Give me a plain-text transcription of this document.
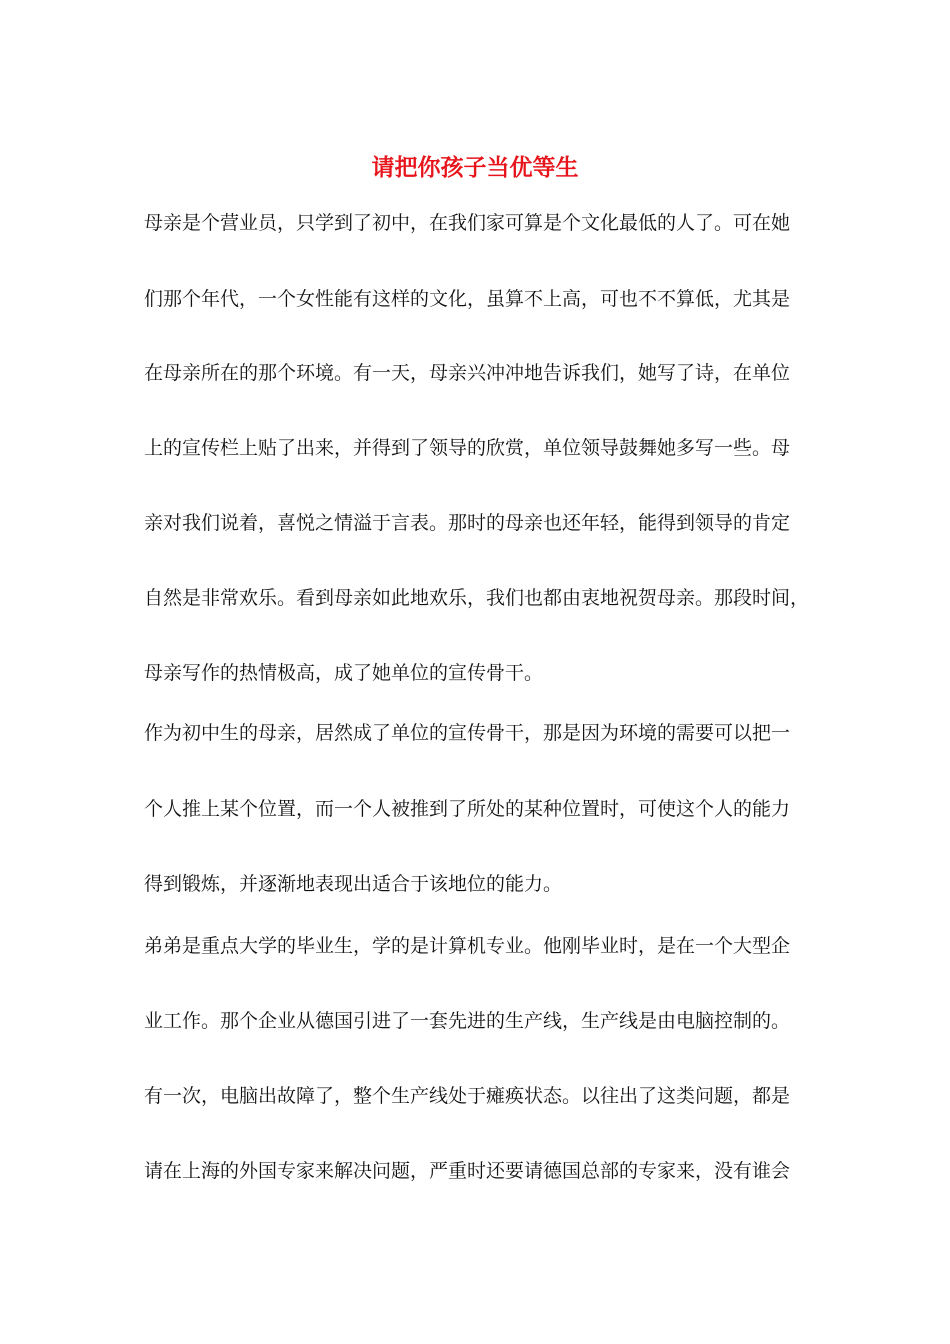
请把你孩子当优等生

母亲是个营业员，只学到了初中，在我们家可算是个文化最低的人了。可在她

们那个年代，一个女性能有这样的文化，虽算不上高，可也不不算低，尤其是

在母亲所在的那个环境。有一天，母亲兴冲冲地告诉我们，她写了诗，在单位

上的宣传栏上贴了出来，并得到了领导的欣赏，单位领导鼓舞她多写一些。母

亲对我们说着，喜悦之情溢于言表。那时的母亲也还年轻，能得到领导的肯定

自然是非常欢乐。看到母亲如此地欢乐，我们也都由衷地祝贺母亲。那段时间，

母亲写作的热情极高，成了她单位的宣传骨干。

作为初中生的母亲，居然成了单位的宣传骨干，那是因为环境的需要可以把一

个人推上某个位置，而一个人被推到了所处的某种位置时，可使这个人的能力

得到锻炼，并逐渐地表现出适合于该地位的能力。

弟弟是重点大学的毕业生，学的是计算机专业。他刚毕业时，是在一个大型企

业工作。那个企业从德国引进了一套先进的生产线，生产线是由电脑控制的。

有一次，电脑出故障了，整个生产线处于瘫痪状态。以往出了这类问题，都是

请在上海的外国专家来解决问题，严重时还要请德国总部的专家来，没有谁会
